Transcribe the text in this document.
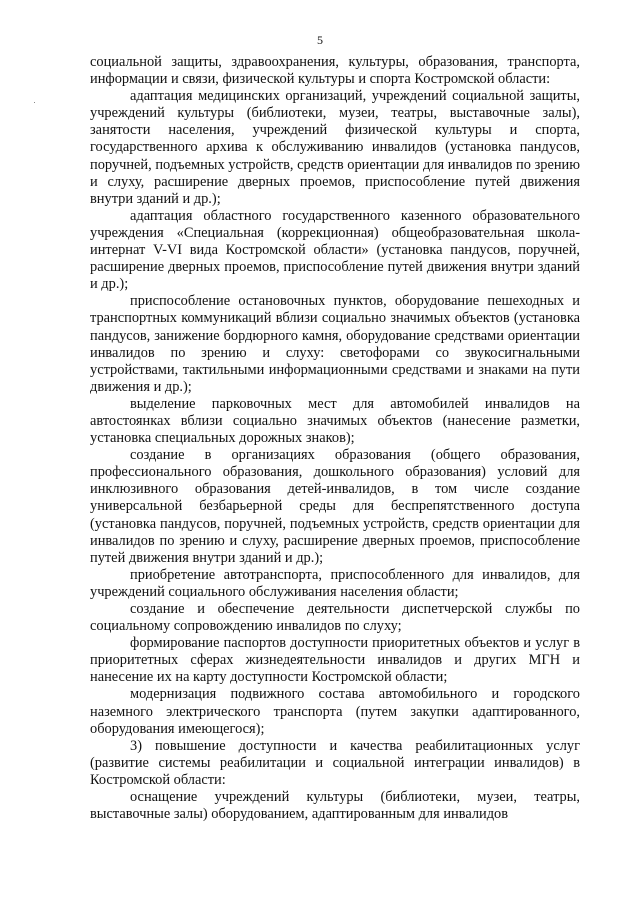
5

социальной защиты, здравоохранения, культуры, образования, транспорта, информации и связи, физической культуры и спорта Костромской области:

адаптация медицинских организаций, учреждений социальной защиты, учреждений культуры (библиотеки, музеи, театры, выставочные залы), занятости населения, учреждений физической культуры и спорта, государственного архива к обслуживанию инвалидов (установка пандусов, поручней, подъемных устройств, средств ориентации для инвалидов по зрению и слуху, расширение дверных проемов, приспособление путей движения внутри зданий и др.);

адаптация областного государственного казенного образовательного учреждения «Специальная (коррекционная) общеобразовательная школа-интернат V-VI вида Костромской области» (установка пандусов, поручней, расширение дверных проемов, приспособление путей движения внутри зданий и др.);

приспособление остановочных пунктов, оборудование пешеходных и транспортных коммуникаций вблизи социально значимых объектов (установка пандусов, занижение бордюрного камня, оборудование средствами ориентации инвалидов по зрению и слуху: светофорами со звукосигнальными устройствами, тактильными информационными средствами и знаками на пути движения и др.);

выделение парковочных мест для автомобилей инвалидов на автостоянках вблизи социально значимых объектов (нанесение разметки, установка специальных дорожных знаков);

создание в организациях образования (общего образования, профессионального образования, дошкольного образования) условий для инклюзивного образования детей-инвалидов, в том числе создание универсальной безбарьерной среды для беспрепятственного доступа (установка пандусов, поручней, подъемных устройств, средств ориентации для инвалидов по зрению и слуху, расширение дверных проемов, приспособление путей движения внутри зданий и др.);

приобретение автотранспорта, приспособленного для инвалидов, для учреждений социального обслуживания населения области;

создание и обеспечение деятельности диспетчерской службы по социальному сопровождению инвалидов по слуху;

формирование паспортов доступности приоритетных объектов и услуг в приоритетных сферах жизнедеятельности инвалидов и других МГН и нанесение их на карту доступности Костромской области;

модернизация подвижного состава автомобильного и городского наземного электрического транспорта (путем закупки адаптированного, оборудования имеющегося);

3) повышение доступности и качества реабилитационных услуг (развитие системы реабилитации и социальной интеграции инвалидов) в Костромской области:

оснащение учреждений культуры (библиотеки, музеи, театры, выставочные залы) оборудованием, адаптированным для инвалидов
